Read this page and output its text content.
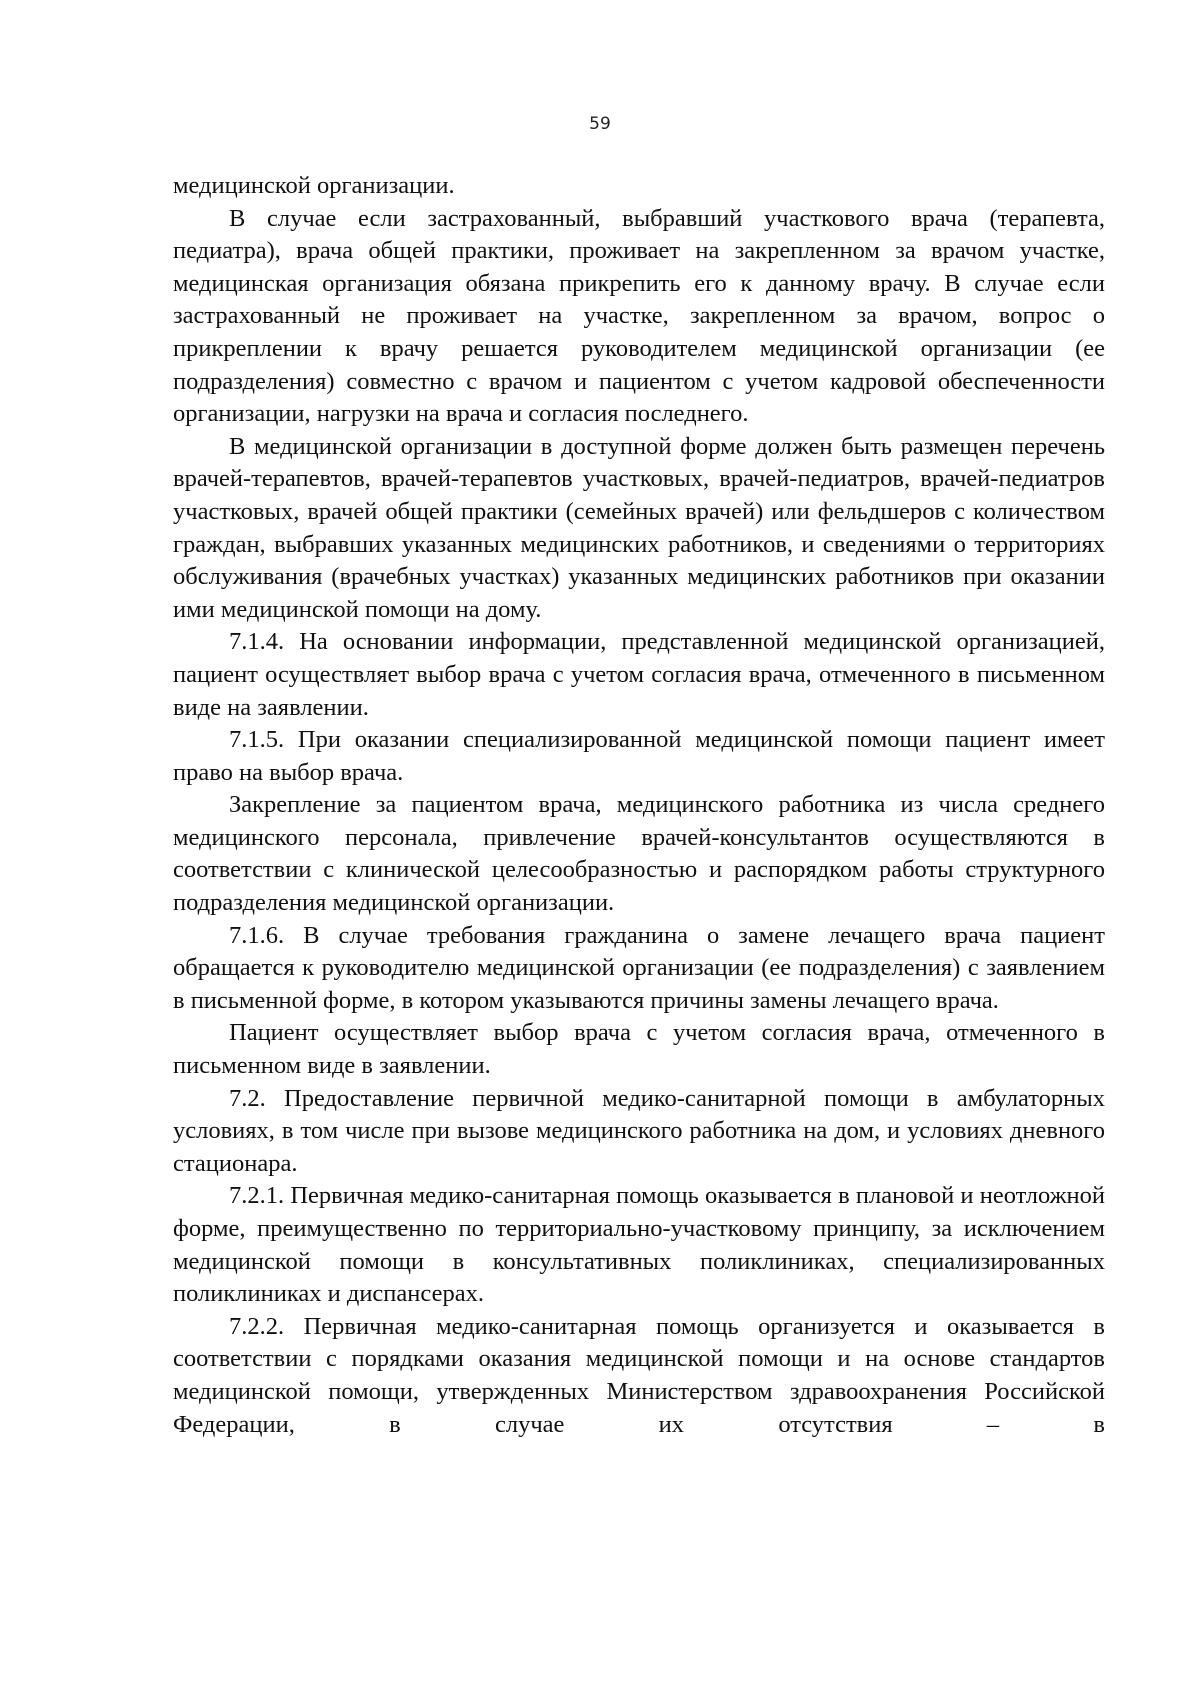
59

медицинской организации.

В случае если застрахованный, выбравший участкового врача (терапевта, педиатра), врача общей практики, проживает на закрепленном за врачом участке, медицинская организация обязана прикрепить его к данному врачу. В случае если застрахованный не проживает на участке, закрепленном за врачом, вопрос о прикреплении к врачу решается руководителем медицинской организации (ее подразделения) совместно с врачом и пациентом с учетом кадровой обеспеченности организации, нагрузки на врача и согласия последнего.

В медицинской организации в доступной форме должен быть размещен перечень врачей-терапевтов, врачей-терапевтов участковых, врачей-педиатров, врачей-педиатров участковых, врачей общей практики (семейных врачей) или фельдшеров с количеством граждан, выбравших указанных медицинских работников, и сведениями о территориях обслуживания (врачебных участках) указанных медицинских работников при оказании ими медицинской помощи на дому.

7.1.4. На основании информации, представленной медицинской организацией, пациент осуществляет выбор врача с учетом согласия врача, отмеченного в письменном виде на заявлении.

7.1.5. При оказании специализированной медицинской помощи пациент имеет право на выбор врача.

Закрепление за пациентом врача, медицинского работника из числа среднего медицинского персонала, привлечение врачей-консультантов осуществляются в соответствии с клинической целесообразностью и распорядком работы структурного подразделения медицинской организации.

7.1.6. В случае требования гражданина о замене лечащего врача пациент обращается к руководителю медицинской организации (ее подразделения) с заявлением в письменной форме, в котором указываются причины замены лечащего врача.

Пациент осуществляет выбор врача с учетом согласия врача, отмеченного в письменном виде в заявлении.

7.2. Предоставление первичной медико-санитарной помощи в амбулаторных условиях, в том числе при вызове медицинского работника на дом, и условиях дневного стационара.

7.2.1. Первичная медико-санитарная помощь оказывается в плановой и неотложной форме, преимущественно по территориально-участковому принципу, за исключением медицинской помощи в консультативных поликлиниках, специализированных поликлиниках и диспансерах.

7.2.2. Первичная медико-санитарная помощь организуется и оказывается в соответствии с порядками оказания медицинской помощи и на основе стандартов медицинской помощи, утвержденных Министерством здравоохранения Российской Федерации, в случае их отсутствия – в
